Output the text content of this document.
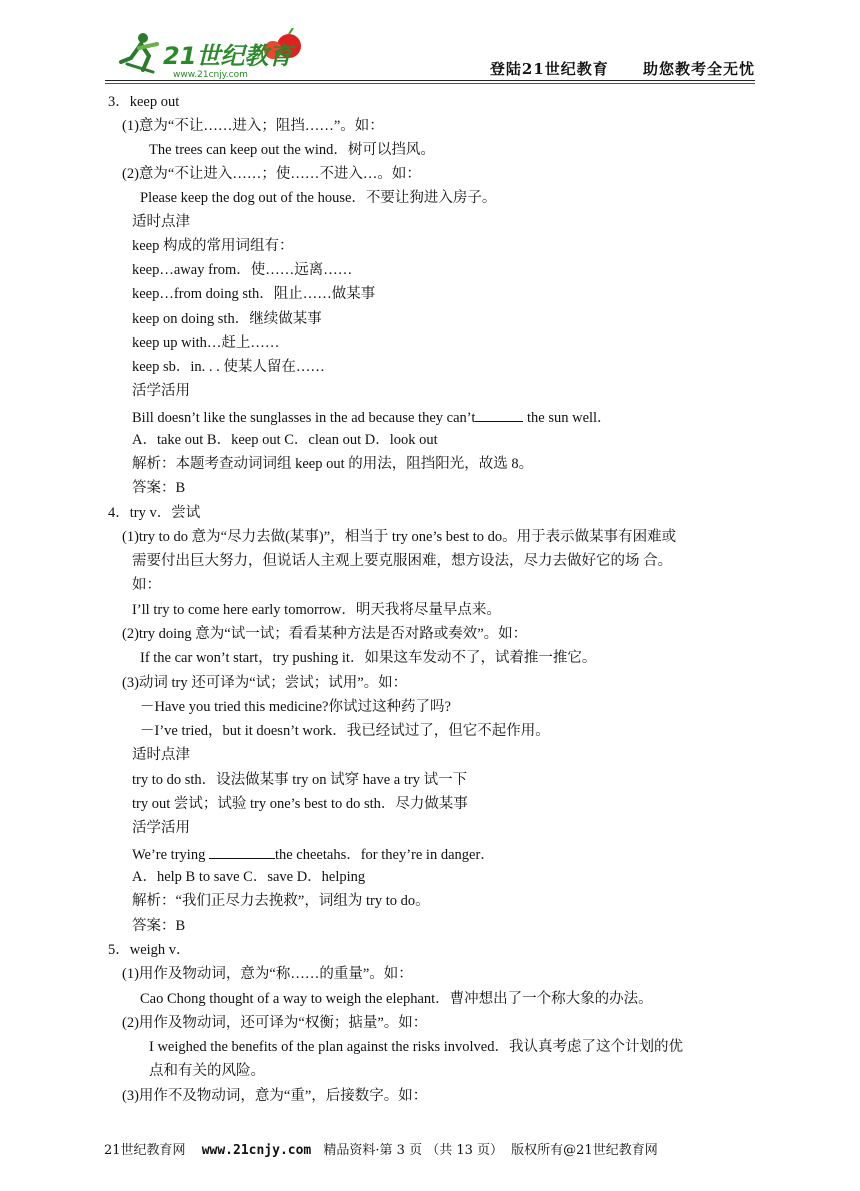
21世纪教育
www.21cnjy.com	登陆21世纪教育 助您教考全无忧
3．keep out
(1)意为“不让……进入；阻挡……”。如：
The trees can keep out the wind．树可以挡风。
(2)意为“不让进入……；使……不进入…。如：
Please keep the dog out of the house．不要让狗进入房子。
适时点津
keep 构成的常用词组有：
keep…away from．使……远离……
keep…from doing sth．阻止……做某事
keep on doing sth．继续做某事
keep up with…赶上……
keep sb．in. . . 使某人留在……
活学活用
Bill doesn’t like the sunglasses in the ad because they can’t	the sun well．
A．take out B．keep out C．clean out D．look out
解析：本题考查动词词组 keep out 的用法，阻挡阳光，故选 8。
答案：B
4．try v．尝试
(1)try to do 意为“尽力去做(某事)”，相当于 try one’s best to do。用于表示做某事有困难或
需要付出巨大努力，但说话人主观上要克服困难，想方设法，尽力去做好它的场 合。
如：
I’ll try to come here early tomorrow．明天我将尽量早点来。
(2)try doing 意为“试一试；看看某种方法是否对路或奏效”。如：
If the car won’t start，try pushing it．如果这车发动不了，试着推一推它。
(3)动词 try 还可译为“试；尝试；试用”。如：
－Have you tried this medicine?你试过这种药了吗?
－I’ve tried，but it doesn’t work．我已经试过了，但它不起作用。
适时点津
try to do sth．设法做某事 try on 试穿 have a try 试一下
try out 尝试；试验 try one’s best to do sth．尽力做某事
活学活用
We’re trying	the cheetahs．for they’re in danger．
A．help B to save C．save D．helping
解析：“我们正尽力去挽救”，词组为 try to do。
答案：B
5．weigh v．
(1)用作及物动词，意为“称……的重量”。如：
Cao Chong thought of a way to weigh the elephant．曹冲想出了一个称大象的办法。
(2)用作及物动词，还可译为“权衡；掂量”。如：
I weighed the benefits of the plan against the risks involved．我认真考虑了这个计划的优
点和有关的风险。
(3)用作不及物动词，意为“重”，后接数字。如：
21世纪教育网 www.21cnjy.com 精品资料·第 3 页 （共 13 页） 版权所有@21世纪教育网
